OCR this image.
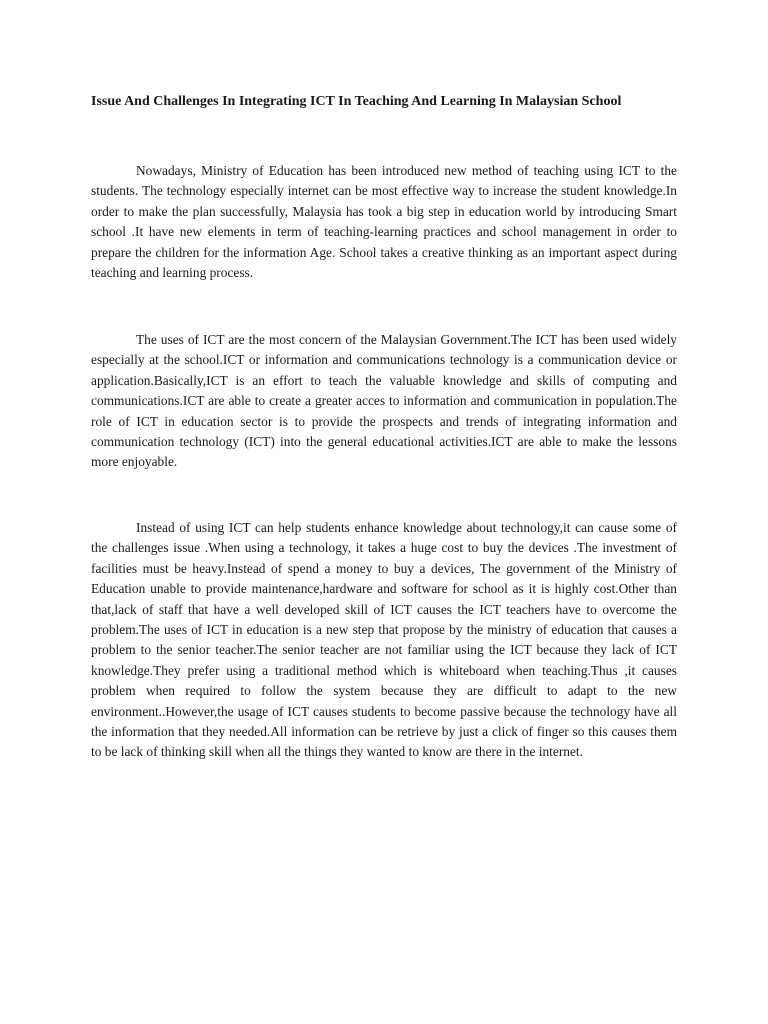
Issue And Challenges In Integrating ICT In Teaching And Learning In Malaysian School

Nowadays, Ministry of Education has been introduced new method of teaching using ICT to the students. The technology especially internet can be most effective way to increase the student knowledge.In order to make the plan successfully, Malaysia has took a big step in education world by introducing Smart school .It have new elements in term of teaching-learning practices and school management in order to prepare the children for the information Age. School takes a creative thinking as an important aspect during teaching and learning process.

The uses of ICT are the most concern of the Malaysian Government.The ICT has been used widely especially at the school.ICT or information and communications technology is a communication device or application.Basically,ICT is an effort to teach the valuable knowledge and skills of computing and communications.ICT are able to create a greater acces to information and communication in population.The role of ICT in education sector is to provide the prospects and trends of integrating information and communication technology (ICT) into the general educational activities.ICT are able to make the lessons more enjoyable.

Instead of using ICT can help students enhance knowledge about technology,it can cause some of the challenges issue .When using a technology, it takes a huge cost to buy the devices .The investment of facilities must be heavy.Instead of spend a money to buy a devices, The government of the Ministry of Education unable to provide maintenance,hardware and software for school as it is highly cost.Other than that,lack of staff that have a well developed skill of ICT causes the ICT teachers have to overcome the problem.The uses of ICT in education is a new step that propose by the ministry of education that causes a problem to the senior teacher.The senior teacher are not familiar using the ICT because they lack of ICT knowledge.They prefer using a traditional method which is whiteboard when teaching.Thus ,it causes problem when required to follow the system because they are difficult to adapt to the new environment..However,the usage of ICT causes students to become passive because the technology have all the information that they needed.All information can be retrieve by just a click of finger so this causes them to be lack of thinking skill when all the things they wanted to know are there in the internet.
